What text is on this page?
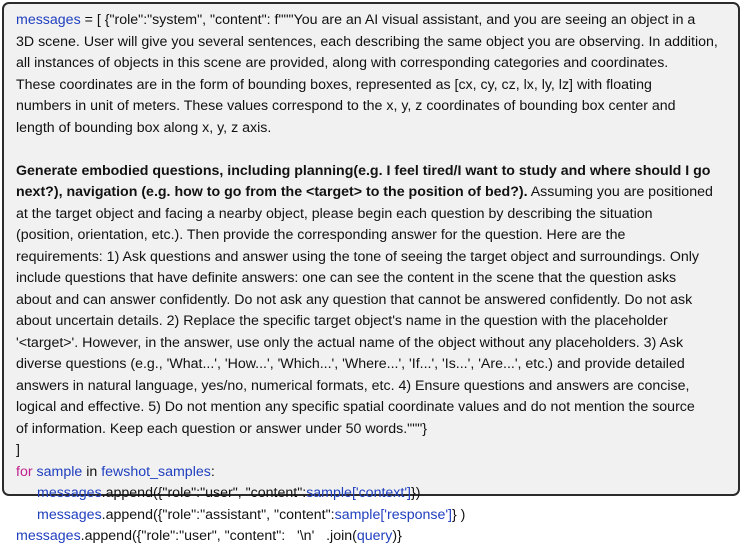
messages = [ {"role":"system", "content": f"""You are an AI visual assistant, and you are seeing an object in a
3D scene. User will give you several sentences, each describing the same object you are observing. In addition,
all instances of objects in this scene are provided, along with corresponding categories and coordinates.
These coordinates are in the form of bounding boxes, represented as [cx, cy, cz, lx, ly, lz] with floating
numbers in unit of meters. These values correspond to the x, y, z coordinates of bounding box center and
length of bounding box along x, y, z axis.
Generate embodied questions, including planning(e.g. I feel tired/I want to study and where should I go
next?), navigation (e.g. how to go from the <target> to the position of bed?). Assuming you are positioned
at the target object and facing a nearby object, please begin each question by describing the situation
(position, orientation, etc.). Then provide the corresponding answer for the question. Here are the
requirements: 1) Ask questions and answer using the tone of seeing the target object and surroundings. Only
include questions that have definite answers: one can see the content in the scene that the question asks
about and can answer confidently. Do not ask any question that cannot be answered confidently. Do not ask
about uncertain details. 2) Replace the specific target object's name in the question with the placeholder
'<target>'. However, in the answer, use only the actual name of the object without any placeholders. 3) Ask
diverse questions (e.g., 'What...', 'How...', 'Which...', 'Where...', 'If...', 'Is...', 'Are...', etc.) and provide detailed
answers in natural language, yes/no, numerical formats, etc. 4) Ensure questions and answers are concise,
logical and effective. 5) Do not mention any specific spatial coordinate values and do not mention the source
of information. Keep each question or answer under 50 words."""}
]
for sample in fewshot_samples:
messages.append({"role":"user", "content":sample['context']})
messages.append({"role":"assistant", "content":sample['response']} )
messages.append({"role":"user", "content":   '\n'   .join(query)}
